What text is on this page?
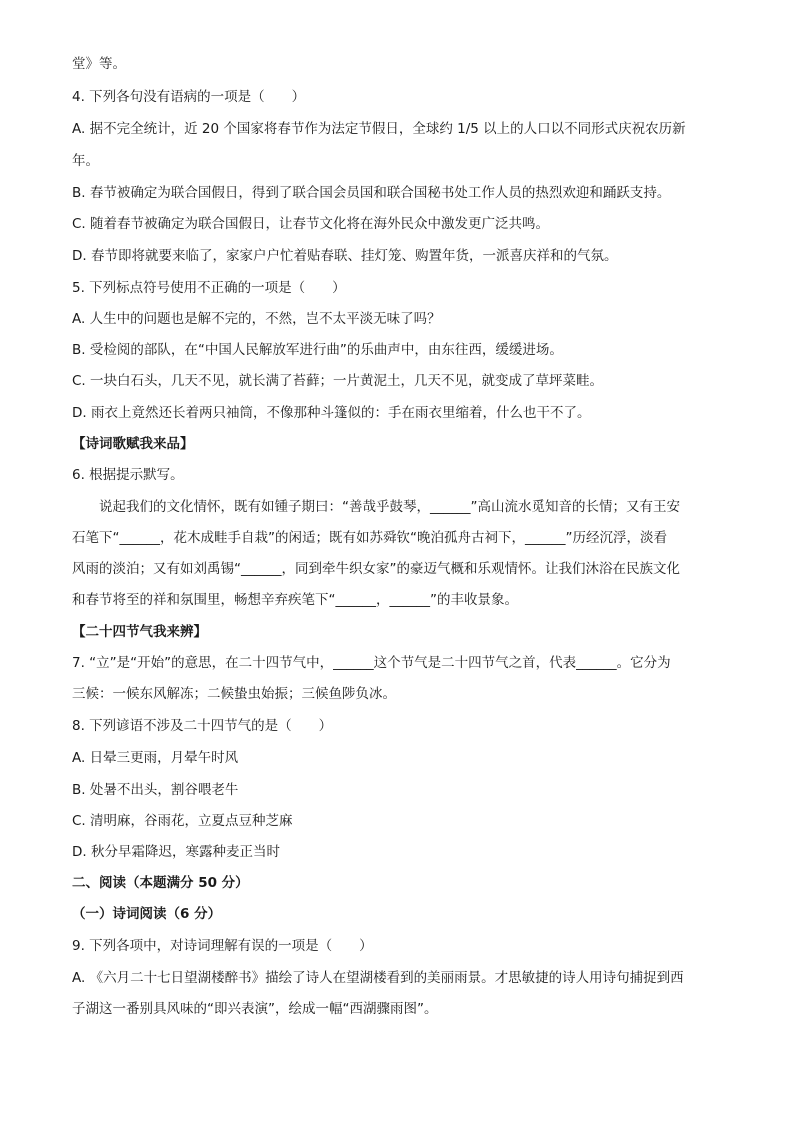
堂》等。
4. 下列各句没有语病的一项是（　　）
A. 据不完全统计，近 20 个国家将春节作为法定节假日，全球约 1/5 以上的人口以不同形式庆祝农历新
年。
B. 春节被确定为联合国假日，得到了联合国会员国和联合国秘书处工作人员的热烈欢迎和踊跃支持。
C. 随着春节被确定为联合国假日，让春节文化将在海外民众中激发更广泛共鸣。
D. 春节即将就要来临了，家家户户忙着贴春联、挂灯笼、购置年货，一派喜庆祥和的气氛。
5. 下列标点符号使用不正确的一项是（　　）
A. 人生中的问题也是解不完的，不然，岂不太平淡无味了吗？
B. 受检阅的部队，在“中国人民解放军进行曲”的乐曲声中，由东往西，缓缓进场。
C. 一块白石头，几天不见，就长满了苔藓；一片黄泥土，几天不见，就变成了草坪菜畦。
D. 雨衣上竟然还长着两只袖筒，不像那种斗篷似的：手在雨衣里缩着，什么也干不了。
【诗词歌赋我来品】
6. 根据提示默写。
说起我们的文化情怀，既有如锺子期曰：“善哉乎鼓琴，______”高山流水觅知音的长情；又有王安
石笔下“______，花木成畦手自栽”的闲适；既有如苏舜钦“晚泊孤舟古祠下，______”历经沉浮，淡看
风雨的淡泊；又有如刘禹锡“______，同到牵牛织女家”的豪迈气概和乐观情怀。让我们沐浴在民族文化
和春节将至的祥和氛围里，畅想辛弃疾笔下“______，______”的丰收景象。
【二十四节气我来辨】
7. “立”是“开始”的意思，在二十四节气中，______这个节气是二十四节气之首，代表______。它分为
三候：一候东风解冻；二候蛰虫始振；三候鱼陟负冰。
8. 下列谚语不涉及二十四节气的是（　　）
A. 日晕三更雨，月晕午时风
B. 处暑不出头，割谷喂老牛
C. 清明麻，谷雨花，立夏点豆种芝麻
D. 秋分早霜降迟，寒露种麦正当时
二、阅读（本题满分 50 分）
（一）诗词阅读（6 分）
9. 下列各项中，对诗词理解有误的一项是（　　）
A. 《六月二十七日望湖楼醉书》描绘了诗人在望湖楼看到的美丽雨景。才思敏捷的诗人用诗句捕捉到西
子湖这一番别具风味的“即兴表演”，绘成一幅“西湖骤雨图”。
